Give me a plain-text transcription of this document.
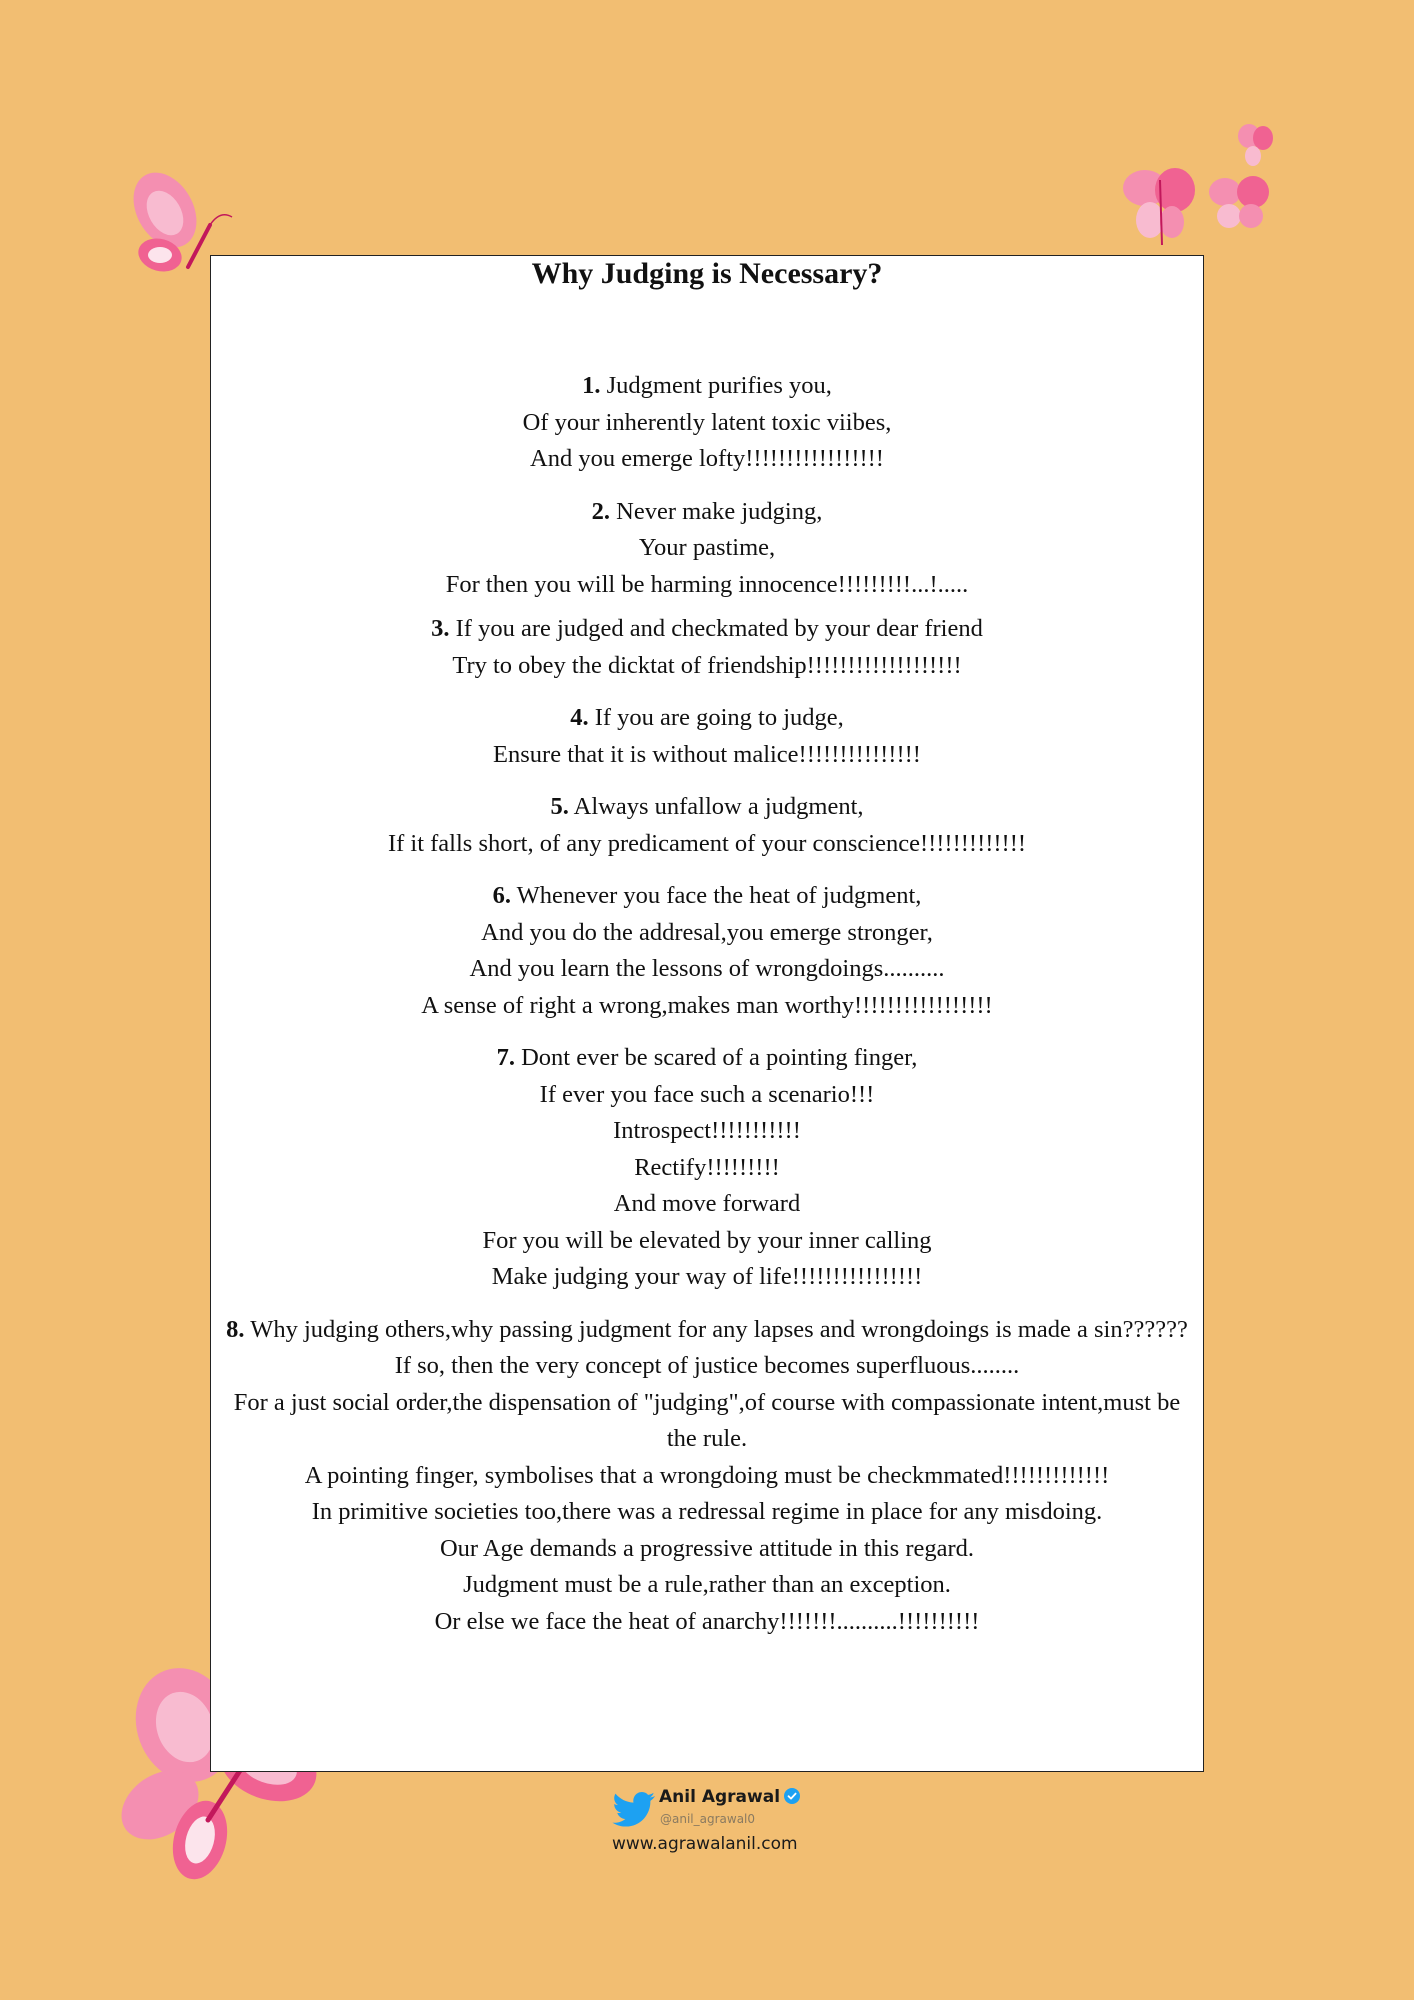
Why Judging is Necessary?
1. Judgment purifies you,
Of your inherently latent toxic viibes,
And you emerge lofty!!!!!!!!!!!!!!!!!
2. Never make judging,
Your pastime,
For then you will be harming innocence!!!!!!!!!...!.....
3. If you are judged and checkmated by your dear friend
Try to obey the dicktat of friendship!!!!!!!!!!!!!!!!!!!
4. If you are going to judge,
Ensure that it is without malice!!!!!!!!!!!!!!!
5. Always unfallow a judgment,
If it falls short, of any predicament of your conscience!!!!!!!!!!!!!
6. Whenever you face the heat of judgment,
And you do the addresal,you emerge stronger,
And you learn the lessons of wrongdoings..........
A sense of right a wrong,makes man worthy!!!!!!!!!!!!!!!!!
7. Dont ever be scared of a pointing finger,
If ever you face such a scenario!!!
Introspect!!!!!!!!!!!
Rectify!!!!!!!!!
And move forward
For you will be elevated by your inner calling
Make judging your way of life!!!!!!!!!!!!!!!!
8. Why judging others,why passing judgment for any lapses and wrongdoings is made a sin??????
If so, then the very concept of justice becomes superfluous........
For a just social order,the dispensation of "judging",of course with compassionate intent,must be the rule.
A pointing finger, symbolises that a wrongdoing must be checkmmated!!!!!!!!!!!!!
In primitive societies too,there was a redressal regime in place for any misdoing.
Our Age demands a progressive attitude in this regard.
Judgment must be a rule,rather than an exception.
Or else we face the heat of anarchy!!!!!!!..........!!!!!!!!!!
Anil Agrawal
@anil_agrawal0
www.agrawalanil.com
